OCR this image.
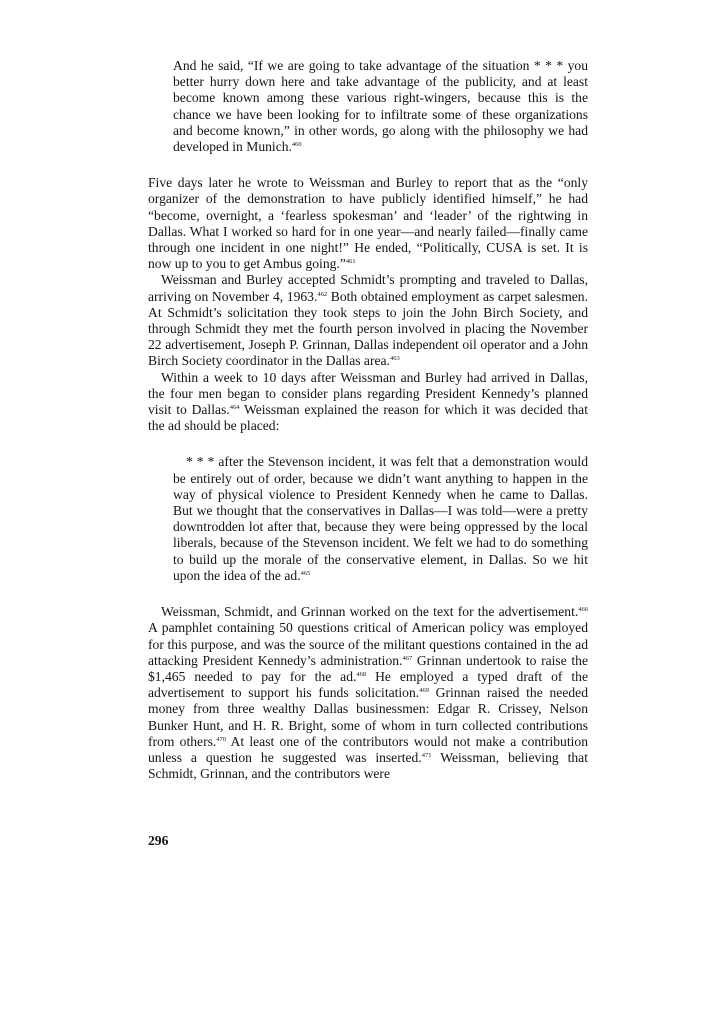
And he said, “If we are going to take advantage of the situation * * * you better hurry down here and take advantage of the publicity, and at least become known among these various right-wingers, because this is the chance we have been looking for to infiltrate some of these organizations and become known,” in other words, go along with the philosophy we had developed in Munich.$^{460}$

Five days later he wrote to Weissman and Burley to report that as the “only organizer of the demonstration to have publicly identified himself,” he had “become, overnight, a ‘fearless spokesman’ and ‘leader’ of the rightwing in Dallas. What I worked so hard for in one year—and nearly failed—finally came through one incident in one night!” He ended, “Politically, CUSA is set. It is now up to you to get Ambus going.”$^{461}$

Weissman and Burley accepted Schmidt’s prompting and traveled to Dallas, arriving on November 4, 1963.$^{462}$ Both obtained employment as carpet salesmen. At Schmidt’s solicitation they took steps to join the John Birch Society, and through Schmidt they met the fourth person involved in placing the November 22 advertisement, Joseph P. Grinnan, Dallas independent oil operator and a John Birch Society coordinator in the Dallas area.$^{463}$

Within a week to 10 days after Weissman and Burley had arrived in Dallas, the four men began to consider plans regarding President Kennedy’s planned visit to Dallas.$^{464}$ Weissman explained the reason for which it was decided that the ad should be placed:

* * * after the Stevenson incident, it was felt that a demonstration would be entirely out of order, because we didn’t want anything to happen in the way of physical violence to President Kennedy when he came to Dallas. But we thought that the conservatives in Dallas—I was told—were a pretty downtrodden lot after that, because they were being oppressed by the local liberals, because of the Stevenson incident. We felt we had to do something to build up the morale of the conservative element, in Dallas. So we hit upon the idea of the ad.$^{465}$

Weissman, Schmidt, and Grinnan worked on the text for the advertisement.$^{466}$ A pamphlet containing 50 questions critical of American policy was employed for this purpose, and was the source of the militant questions contained in the ad attacking President Kennedy’s administration.$^{467}$ Grinnan undertook to raise the $1,465 needed to pay for the ad.$^{468}$ He employed a typed draft of the advertisement to support his funds solicitation.$^{469}$ Grinnan raised the needed money from three wealthy Dallas businessmen: Edgar R. Crissey, Nelson Bunker Hunt, and H. R. Bright, some of whom in turn collected contributions from others.$^{470}$ At least one of the contributors would not make a contribution unless a question he suggested was inserted.$^{471}$ Weissman, believing that Schmidt, Grinnan, and the contributors were

296
